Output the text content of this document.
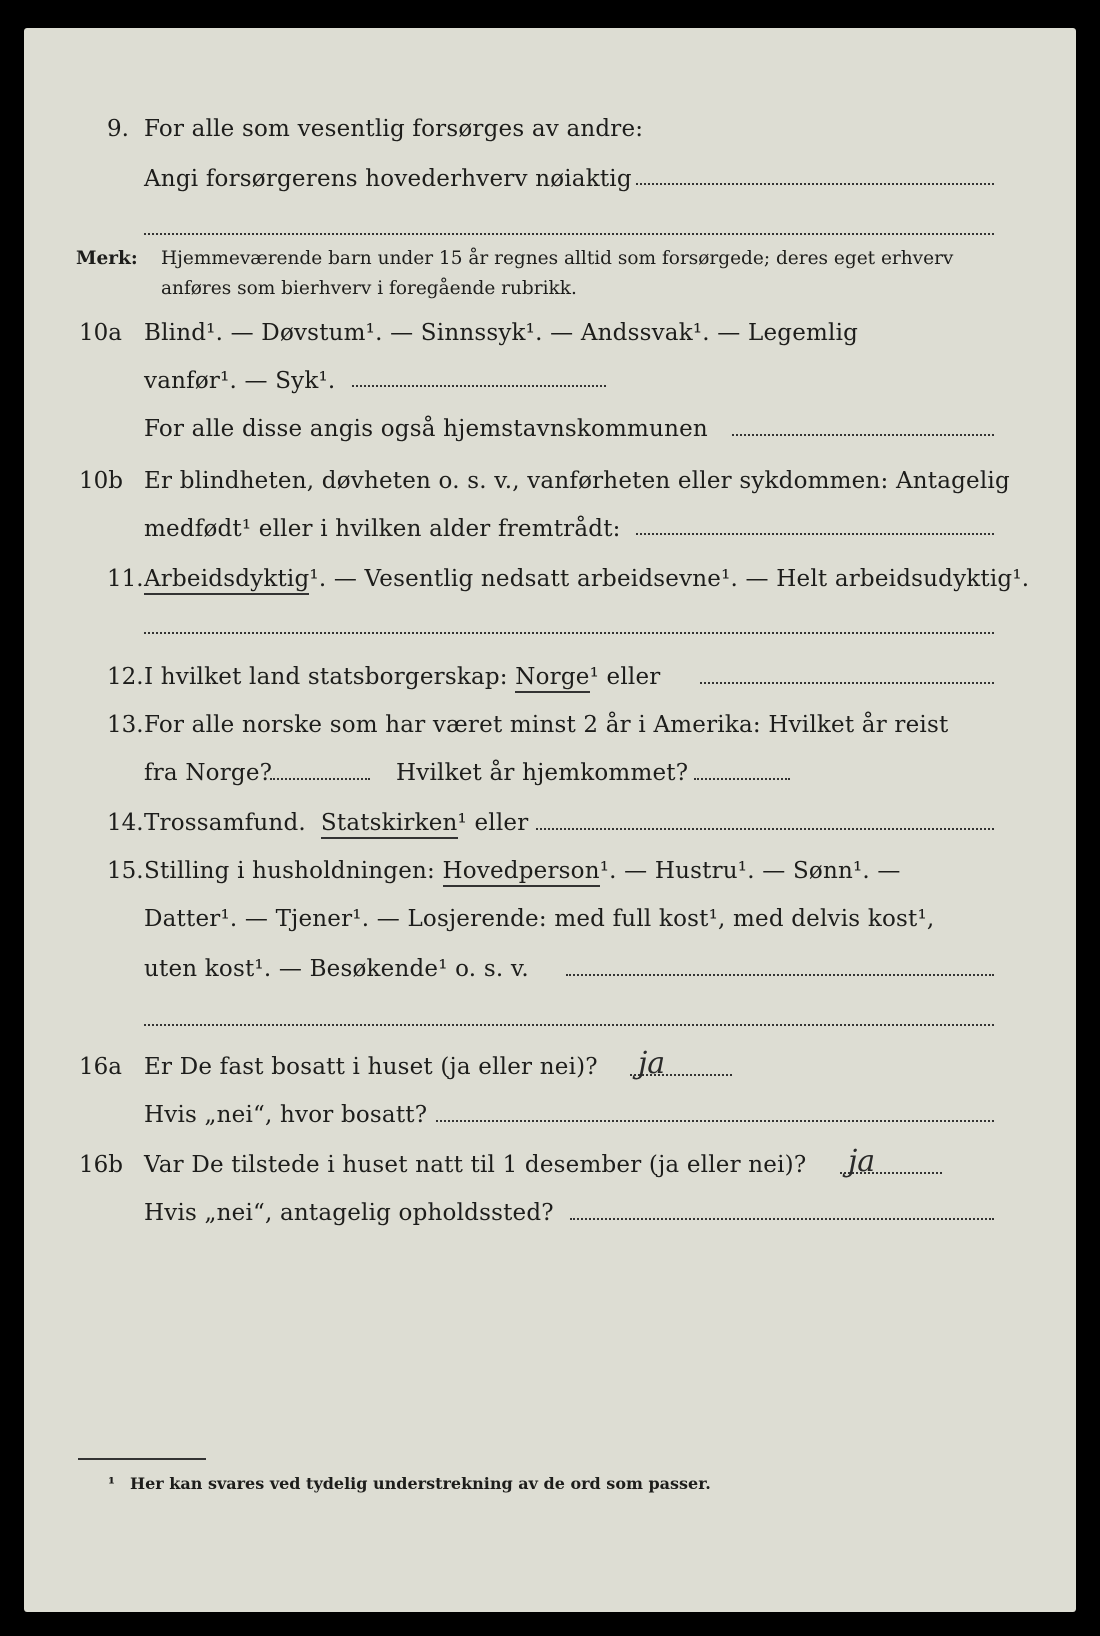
9. For alle som vesentlig forsørges av andre:
Angi forsørgerens hovederhverv nøiaktig
Merk: Hjemmeværende barn under 15 år regnes alltid som forsørgede; deres eget erhverv
anføres som bierhverv i foregående rubrikk.
10a Blind¹. — Døvstum¹. — Sinnssyk¹. — Andssvak¹. — Legemlig
vanfør¹. — Syk¹.
For alle disse angis også hjemstavnskommunen
10b Er blindheten, døvheten o. s. v., vanførheten eller sykdommen: Antagelig
medfødt¹ eller i hvilken alder fremtrådt:
11. Arbeidsdyktig¹. — Vesentlig nedsatt arbeidsevne¹. — Helt arbeidsudyktig¹.
12. I hvilket land statsborgerskap: Norge¹ eller
13. For alle norske som har været minst 2 år i Amerika: Hvilket år reist
fra Norge?	Hvilket år hjemkommet?
14. Trossamfund. Statskirken¹ eller
15. Stilling i husholdningen: Hovedperson¹. — Hustru¹. — Sønn¹. —
Datter¹. — Tjener¹. — Losjerende: med full kost¹, med delvis kost¹,
uten kost¹. — Besøkende¹ o. s. v.
16a Er De fast bosatt i huset (ja eller nei)? ja
Hvis „nei“, hvor bosatt?
16b Var De tilstede i huset natt til 1 desember (ja eller nei)? ja
Hvis „nei“, antagelig opholdssted?
¹ Her kan svares ved tydelig understrekning av de ord som passer.
